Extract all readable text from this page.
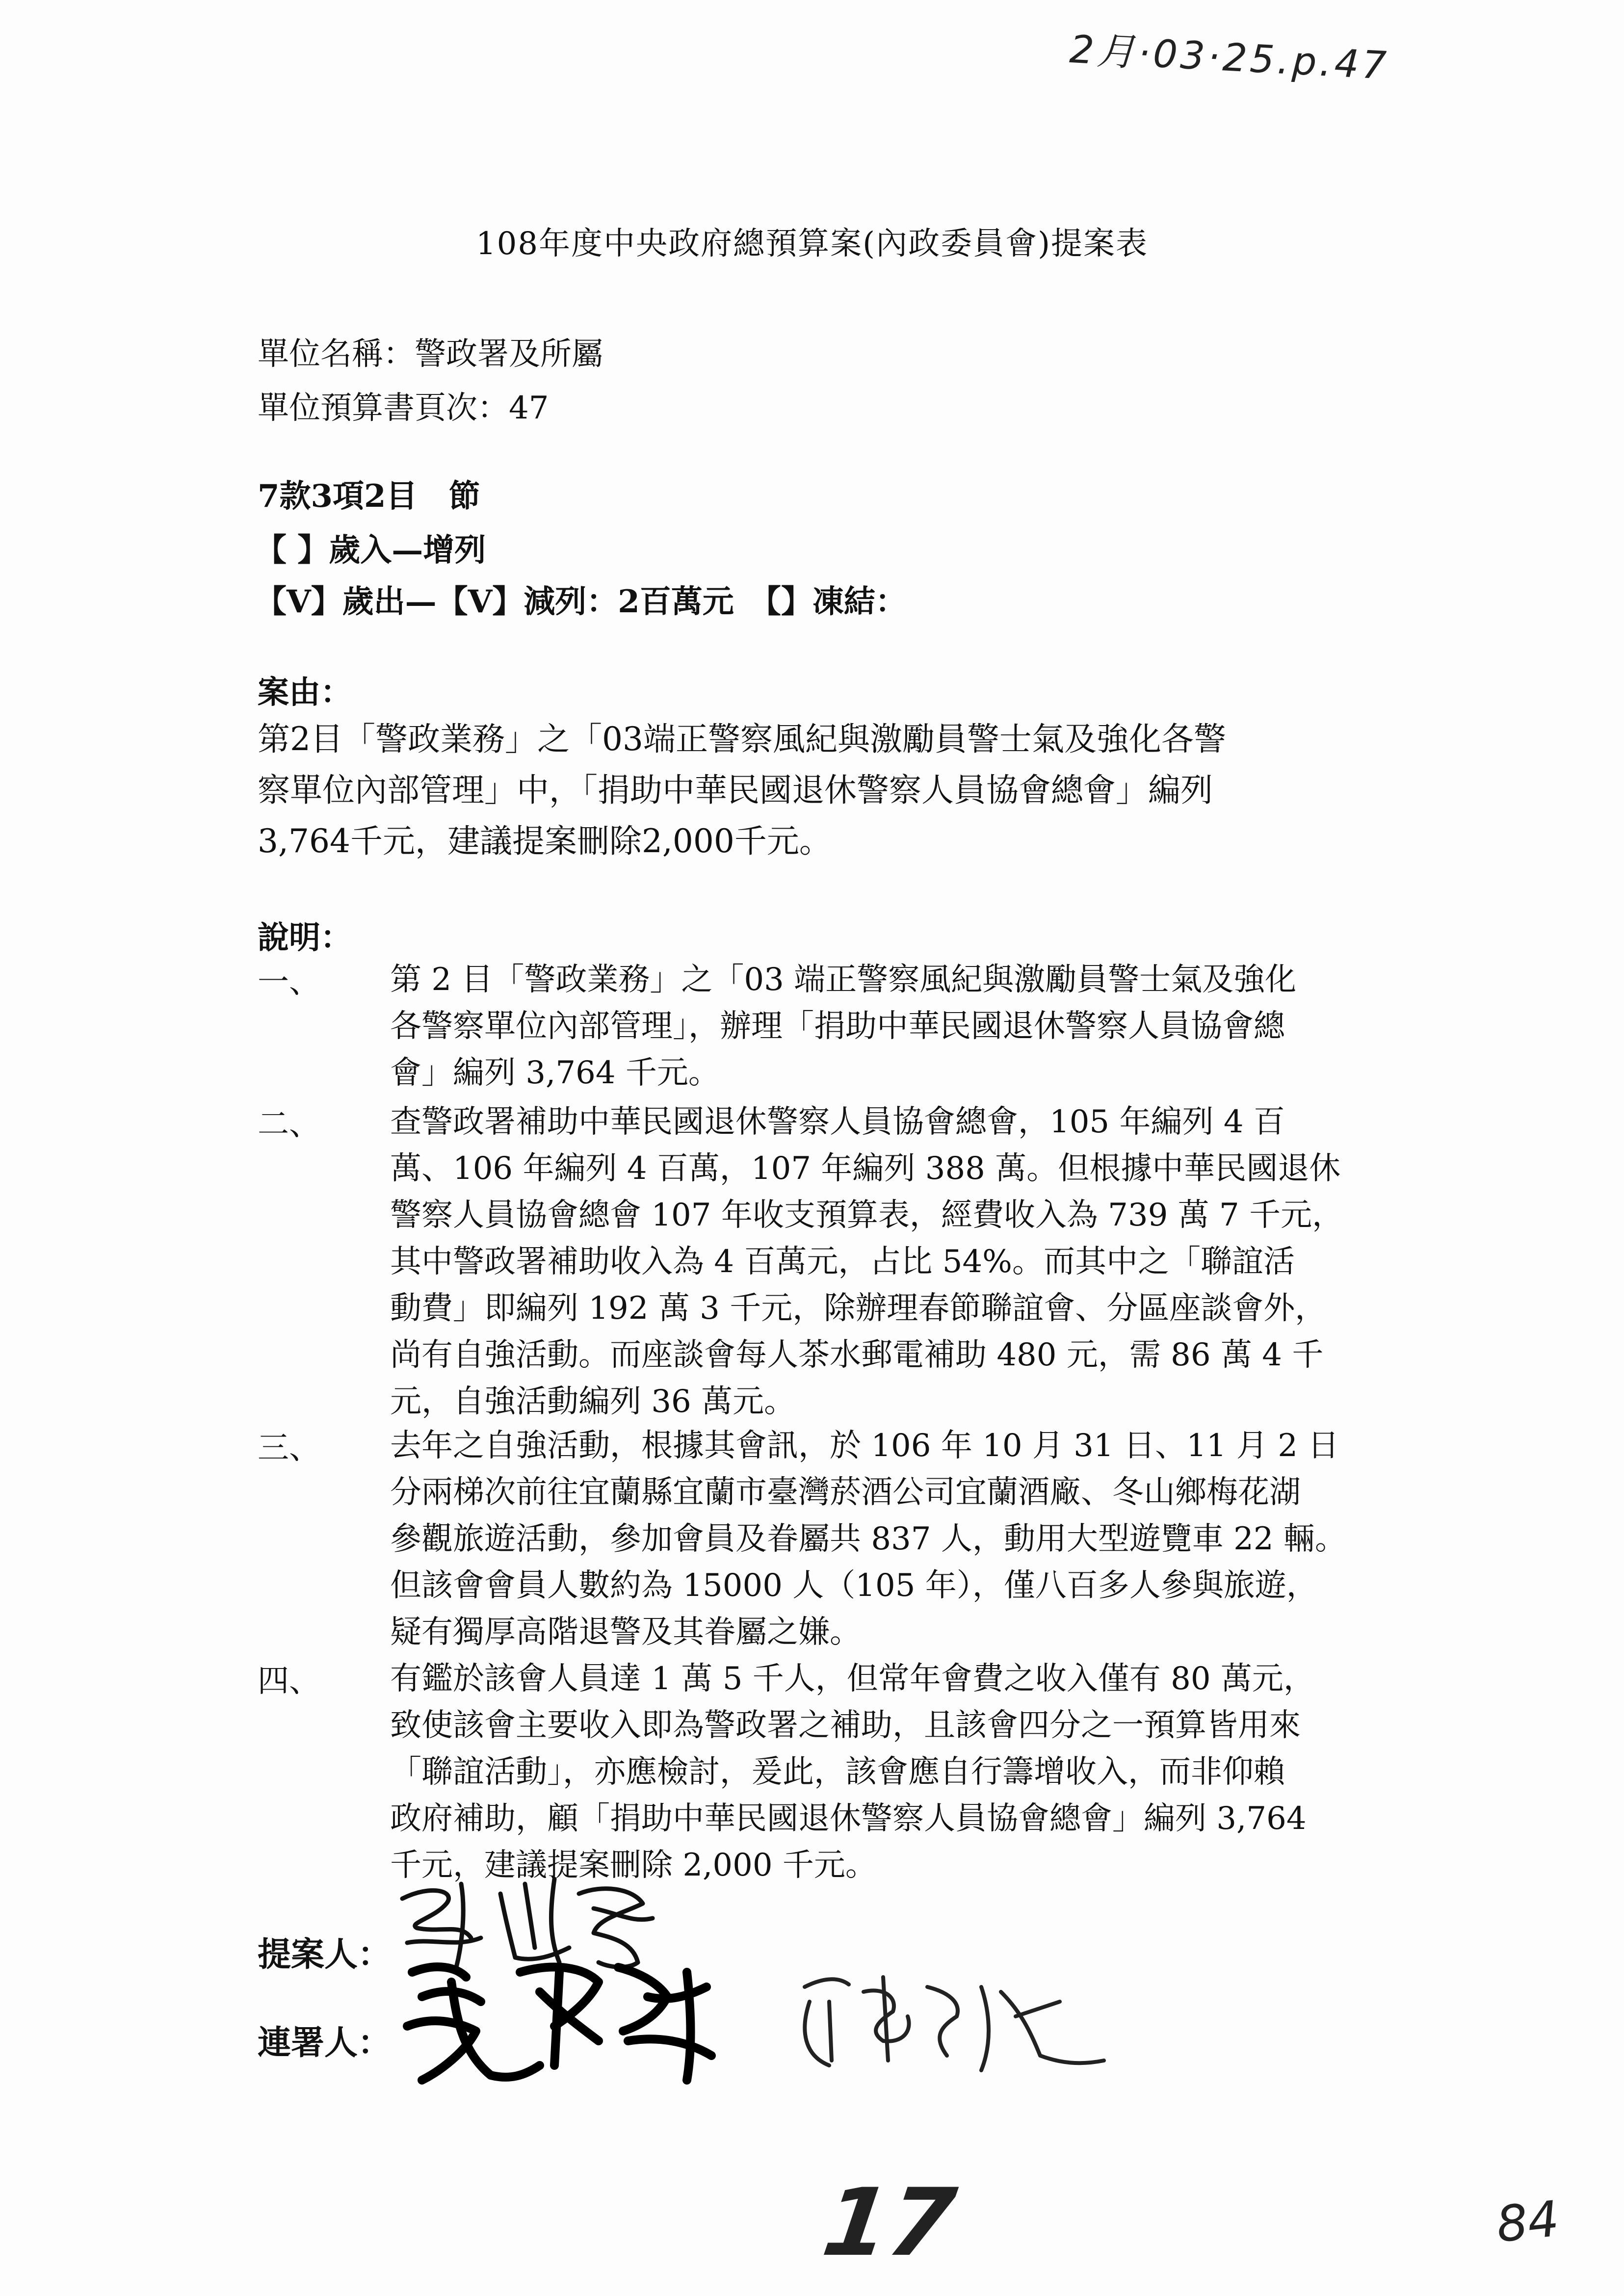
2月·03·25.p.47
108年度中央政府總預算案(內政委員會)提案表
單位名稱：警政署及所屬
單位預算書頁次：47
7款3項2目　節
【 】歲入—增列
【V】歲出—【V】減列：2百萬元　【】凍結：
案由：
第2目「警政業務」之「03端正警察風紀與激勵員警士氣及強化各警
察單位內部管理」中，「捐助中華民國退休警察人員協會總會」編列
3,764千元，建議提案刪除2,000千元。
說明：
一、 第 2 目「警政業務」之「03 端正警察風紀與激勵員警士氣及強化
各警察單位內部管理」，辦理「捐助中華民國退休警察人員協會總
會」編列 3,764 千元。
二、 查警政署補助中華民國退休警察人員協會總會，105 年編列 4 百
萬、106 年編列 4 百萬，107 年編列 388 萬。但根據中華民國退休
警察人員協會總會 107 年收支預算表，經費收入為 739 萬 7 千元，
其中警政署補助收入為 4 百萬元，占比 54%。而其中之「聯誼活
動費」即編列 192 萬 3 千元，除辦理春節聯誼會、分區座談會外，
尚有自強活動。而座談會每人茶水郵電補助 480 元，需 86 萬 4 千
元，自強活動編列 36 萬元。
三、 去年之自強活動，根據其會訊，於 106 年 10 月 31 日、11 月 2 日
分兩梯次前往宜蘭縣宜蘭市臺灣菸酒公司宜蘭酒廠、冬山鄉梅花湖
參觀旅遊活動，參加會員及眷屬共 837 人，動用大型遊覽車 22 輛。
但該會會員人數約為 15000 人（105 年），僅八百多人參與旅遊，
疑有獨厚高階退警及其眷屬之嫌。
四、 有鑑於該會人員達 1 萬 5 千人，但常年會費之收入僅有 80 萬元，
致使該會主要收入即為警政署之補助，且該會四分之一預算皆用來
「聯誼活動」，亦應檢討，爰此，該會應自行籌增收入，而非仰賴
政府補助，顧「捐助中華民國退休警察人員協會總會」編列 3,764
千元，建議提案刪除 2,000 千元。
提案人：
連署人：
17	84
